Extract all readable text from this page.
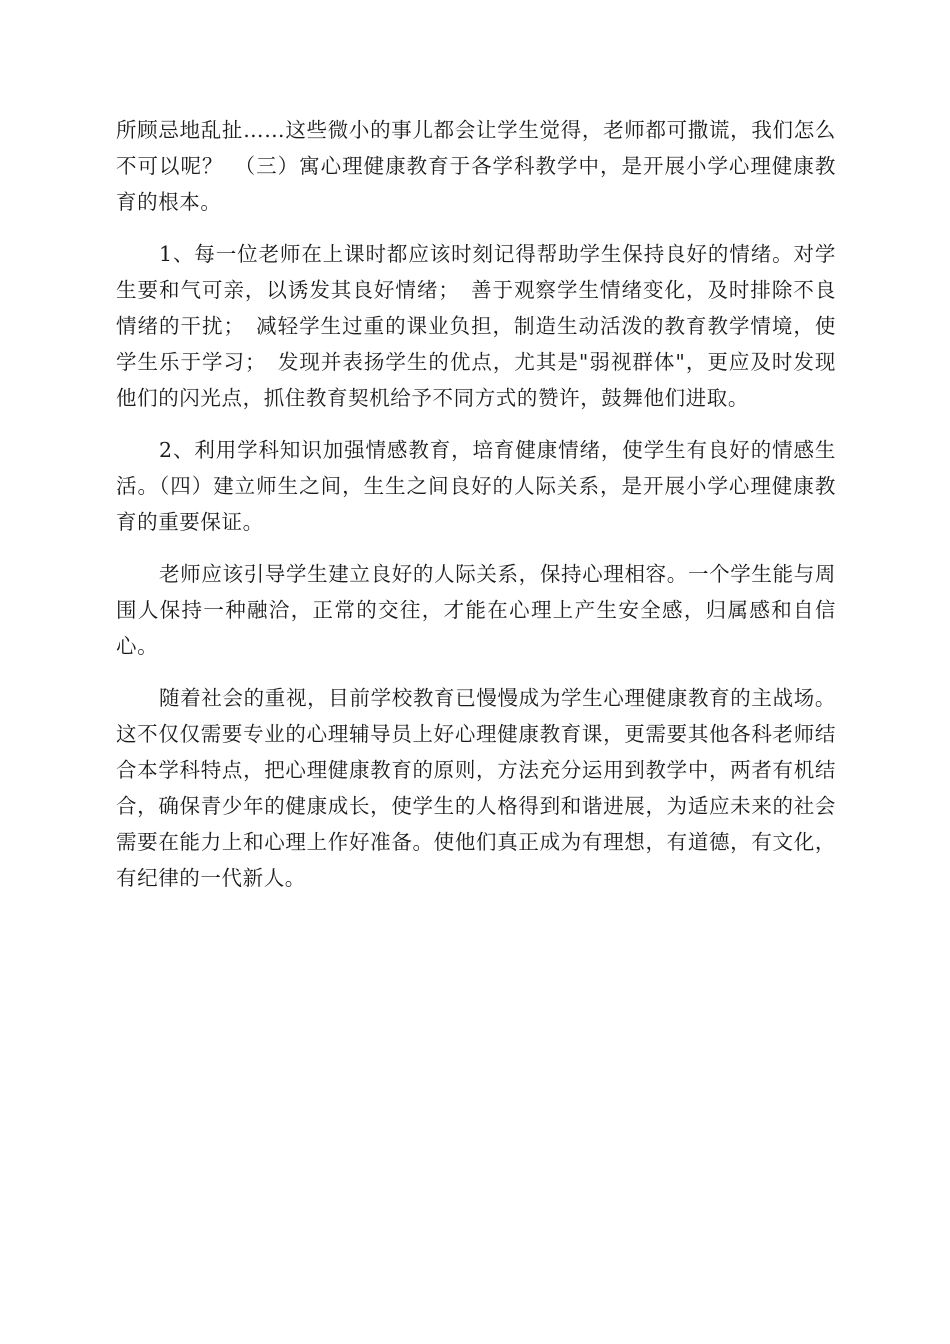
所顾忌地乱扯……这些微小的事儿都会让学生觉得，老师都可撒谎，我们怎么不可以呢？　（三）寓心理健康教育于各学科教学中，是开展小学心理健康教育的根本。

1、每一位老师在上课时都应该时刻记得帮助学生保持良好的情绪。对学生要和气可亲，以诱发其良好情绪；　善于观察学生情绪变化，及时排除不良情绪的干扰；　减轻学生过重的课业负担，制造生动活泼的教育教学情境，使学生乐于学习；　发现并表扬学生的优点，尤其是"弱视群体"，更应及时发现他们的闪光点，抓住教育契机给予不同方式的赞许，鼓舞他们进取。

2、利用学科知识加强情感教育，培育健康情绪，使学生有良好的情感生活。（四）建立师生之间，生生之间良好的人际关系，是开展小学心理健康教育的重要保证。

老师应该引导学生建立良好的人际关系，保持心理相容。一个学生能与周围人保持一种融洽，正常的交往，才能在心理上产生安全感，归属感和自信心。

随着社会的重视，目前学校教育已慢慢成为学生心理健康教育的主战场。这不仅仅需要专业的心理辅导员上好心理健康教育课，更需要其他各科老师结合本学科特点，把心理健康教育的原则，方法充分运用到教学中，两者有机结合，确保青少年的健康成长，使学生的人格得到和谐进展，为适应未来的社会需要在能力上和心理上作好准备。使他们真正成为有理想，有道德，有文化，有纪律的一代新人。
